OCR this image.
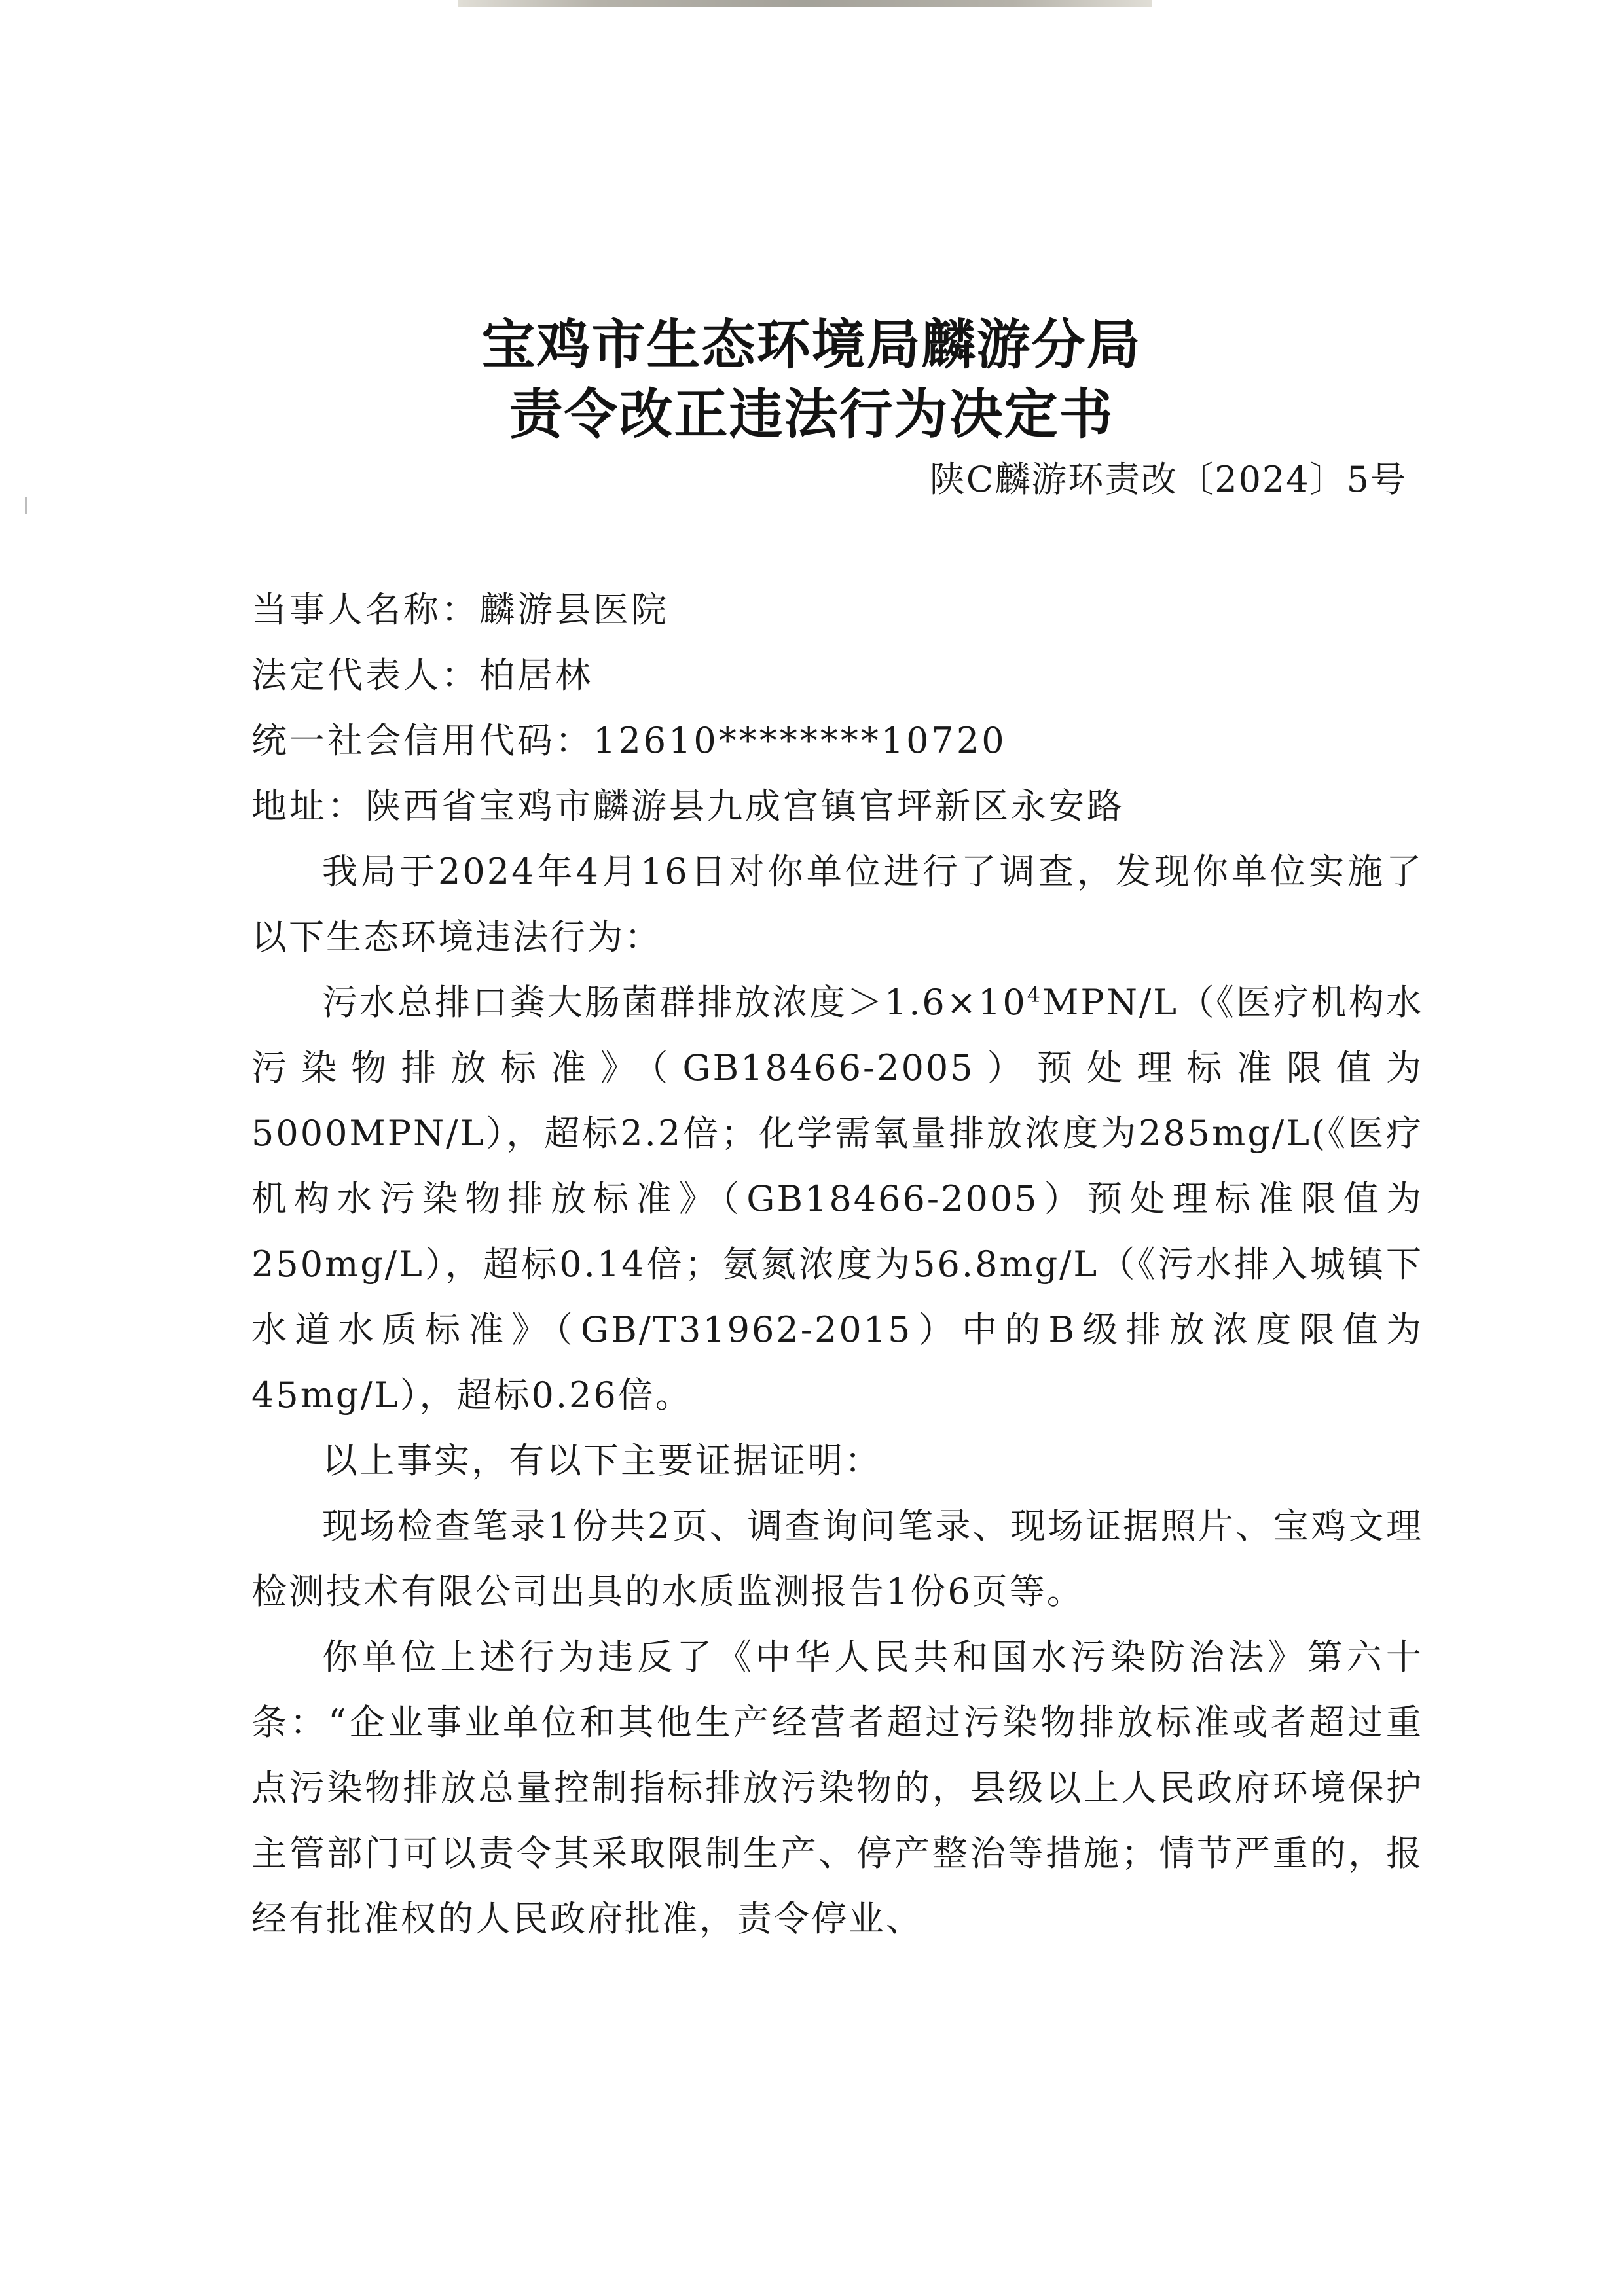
宝鸡市生态环境局麟游分局
责令改正违法行为决定书

陕C麟游环责改〔2024〕5号

当事人名称：麟游县医院

法定代表人：柏居林

统一社会信用代码：12610********10720

地址：陕西省宝鸡市麟游县九成宫镇官坪新区永安路

我局于2024年4月16日对你单位进行了调查，发现你单位实施了以下生态环境违法行为：

污水总排口粪大肠菌群排放浓度$>1.6\times 10^4MPN/L$（《医疗机构水污染物排放标准》（GB18466-2005）预处理标准限值为5000MPN/L），超标2.2倍；化学需氧量排放浓度为285mg/L(《医疗机构水污染物排放标准》（GB18466-2005）预处理标准限值为250mg/L），超标0.14倍；氨氮浓度为56.8mg/L（《污水排入城镇下水道水质标准》（GB/T31962-2015）中的B级排放浓度限值为45mg/L），超标0.26倍。

以上事实，有以下主要证据证明：

现场检查笔录1份共2页、调查询问笔录、现场证据照片、宝鸡文理检测技术有限公司出具的水质监测报告1份6页等。

你单位上述行为违反了《中华人民共和国水污染防治法》第六十条：“企业事业单位和其他生产经营者超过污染物排放标准或者超过重点污染物排放总量控制指标排放污染物的，县级以上人民政府环境保护主管部门可以责令其采取限制生产、停产整治等措施；情节严重的，报经有批准权的人民政府批准，责令停业、
